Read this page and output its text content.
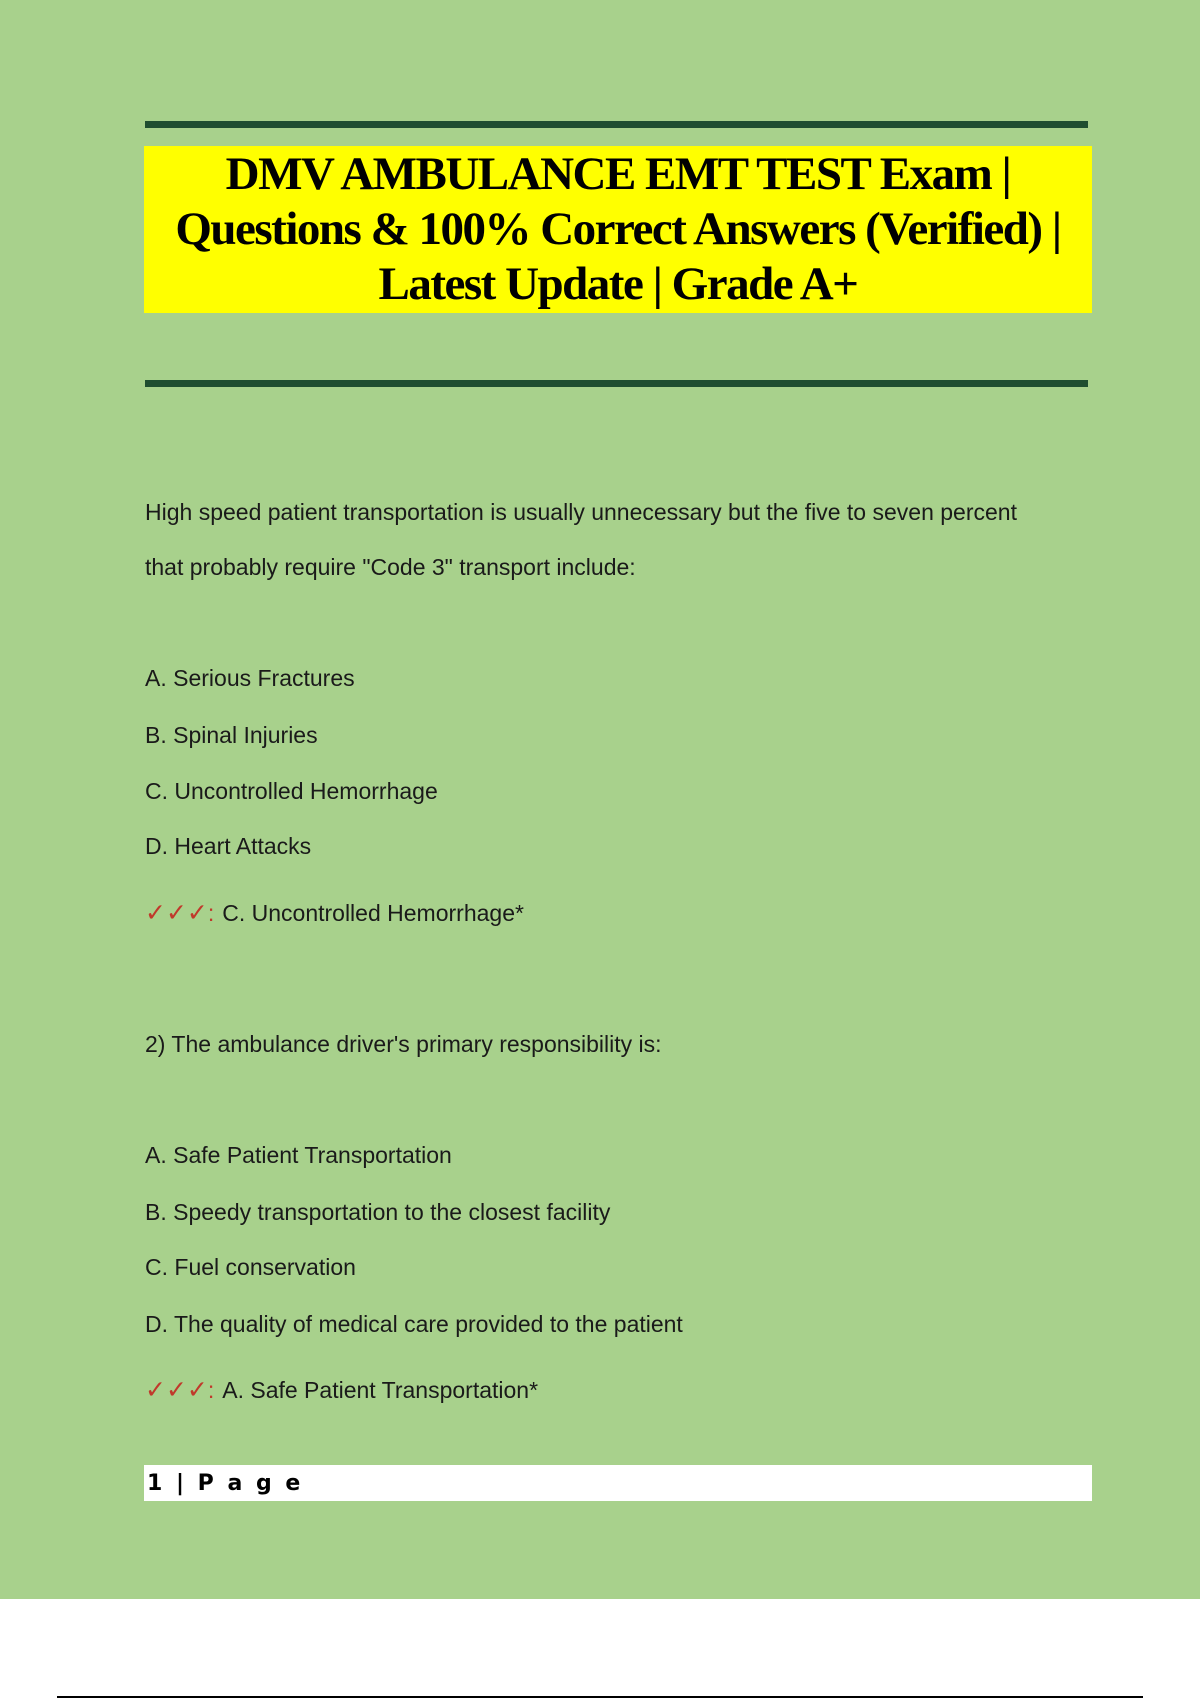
DMV AMBULANCE EMT TEST Exam | Questions & 100% Correct Answers (Verified) | Latest Update | Grade A+
High speed patient transportation is usually unnecessary but the five to seven percent
that probably require "Code 3" transport include:
A. Serious Fractures
B. Spinal Injuries
C. Uncontrolled Hemorrhage
D. Heart Attacks
✓✓✓ : C. Uncontrolled Hemorrhage*
2) The ambulance driver's primary responsibility is:
A. Safe Patient Transportation
B. Speedy transportation to the closest facility
C. Fuel conservation
D. The quality of medical care provided to the patient
✓✓✓ : A. Safe Patient Transportation*
1 | P a g e
